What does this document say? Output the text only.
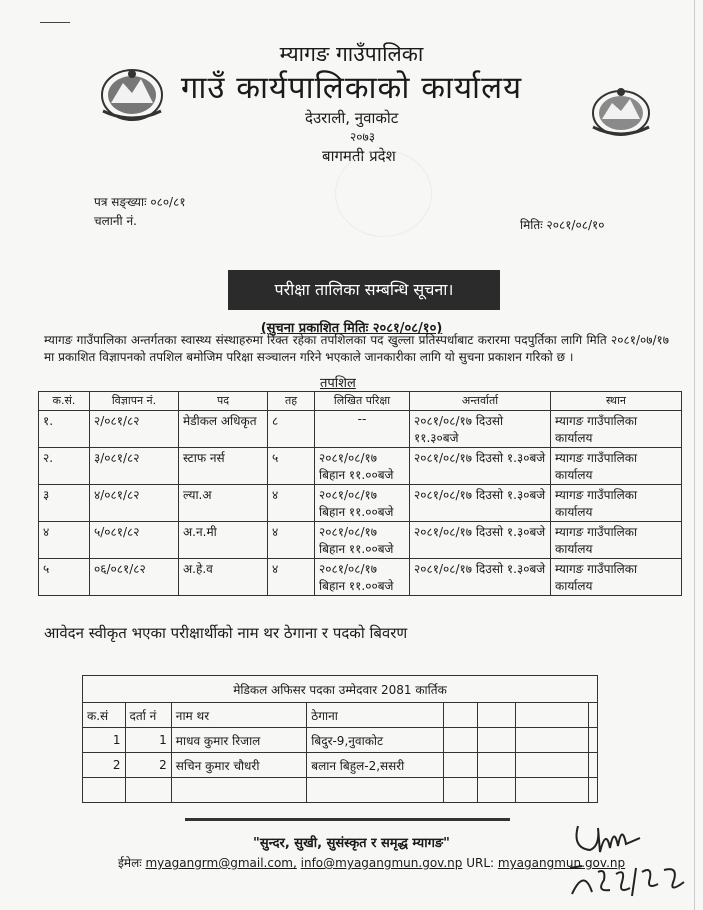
म्यागङ गाउँपालिका
गाउँ कार्यपालिकाको कार्यालय
देउराली, नुवाकोट
२०७३
बागमती प्रदेश
पत्र सङ्ख्याः ०८०/८१
चलानी नं.	मितिः २०८१/०८/१०
परीक्षा तालिका सम्बन्धि सूचना।
(सुचना प्रकाशित मितिः २०८१/०८/१०)
म्यागङ गाउँपालिका अन्तर्गतका स्वास्थ्य संस्थाहरुमा रिक्त रहेका तपशिलका पद खुल्ला प्रतिस्पर्धाबाट करारमा पदपुर्तिका लागि मिति २०८१/०७/१७ मा प्रकाशित विज्ञापनको तपशिल बमोजिम परिक्षा सञ्चालन गरिने भएकाले जानकारीका लागि यो सुचना प्रकाशन गरिको छ ।
तपशिल
क.सं.	विज्ञापन नं.	पद	तह	लिखित परिक्षा	अन्तर्वार्ता	स्थान
१.	२/०८१/८२	मेडीकल अधिकृत	८	--	२०८१/०८/१७ दिउसो ११.३०बजे	म्यागङ गाउँपालिका कार्यालय
२.	३/०८१/८२	स्टाफ नर्स	५	२०८१/०८/१७ बिहान ११.००बजे	२०८१/०८/१७ दिउसो १.३०बजे	म्यागङ गाउँपालिका कार्यालय
३	४/०८१/८२	ल्या.अ	४	२०८१/०८/१७ बिहान ११.००बजे	२०८१/०८/१७ दिउसो १.३०बजे	म्यागङ गाउँपालिका कार्यालय
४	५/०८१/८२	अ.न.मी	४	२०८१/०८/१७ बिहान ११.००बजे	२०८१/०८/१७ दिउसो १.३०बजे	म्यागङ गाउँपालिका कार्यालय
५	०६/०८१/८२	अ.हे.व	४	२०८१/०८/१७ बिहान ११.००बजे	२०८१/०८/१७ दिउसो १.३०बजे	म्यागङ गाउँपालिका कार्यालय
आवेदन स्वीकृत भएका परीक्षार्थीको नाम थर ठेगाना र पदको बिवरण
मेडिकल अफिसर पदका उम्मेदवार 2081 कार्तिक							
क.सं	दर्ता नं	नाम थर	ठेगाना				
1	1	माधव कुमार रिजाल	बिदुर-9,नुवाकोट				
2	2	सचिन कुमार चौधरी	बलान बिहुल-2,ससरी				

"सुन्दर, सुखी, सुसंस्कृत र समृद्ध म्यागङ"
ईमेलः myagangrm@gmail.com, info@myagangmun.gov.np URL: myagangmun.gov.np
